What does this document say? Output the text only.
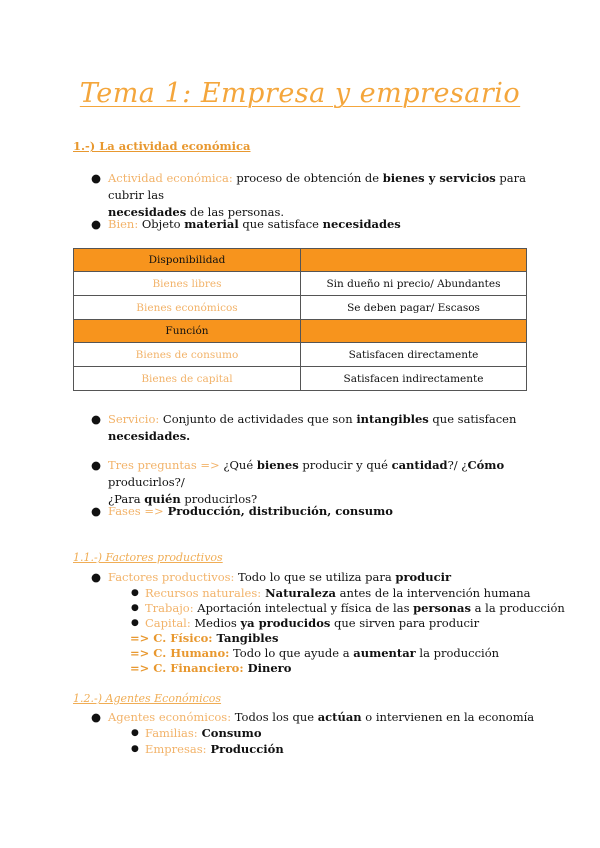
Tema 1: Empresa y empresario
1.-) La actividad económica
● Actividad económica: proceso de obtención de bienes y servicios para cubrir las
necesidades de las personas.
● Bien: Objeto material que satisface necesidades
Disponibilidad	
Bienes libres	Sin dueño ni precio/ Abundantes
Bienes económicos	Se deben pagar/ Escasos
Función	
Bienes de consumo	Satisfacen directamente
Bienes de capital	Satisfacen indirectamente
● Servicio: Conjunto de actividades que son intangibles que satisfacen
necesidades.
● Tres preguntas => ¿Qué bienes producir y qué cantidad?/ ¿Cómo producirlos?/
¿Para quién producirlos?
● Fases => Producción, distribución, consumo
1.1.-) Factores productivos
● Factores productivos: Todo lo que se utiliza para producir
● Recursos naturales: Naturaleza antes de la intervención humana
● Trabajo: Aportación intelectual y física de las personas a la producción
● Capital: Medios ya producidos que sirven para producir
=> C. Físico: Tangibles
=> C. Humano: Todo lo que ayude a aumentar la producción
=> C. Financiero: Dinero
1.2.-) Agentes Económicos
● Agentes económicos: Todos los que actúan o intervienen en la economía
● Familias: Consumo
● Empresas: Producción
